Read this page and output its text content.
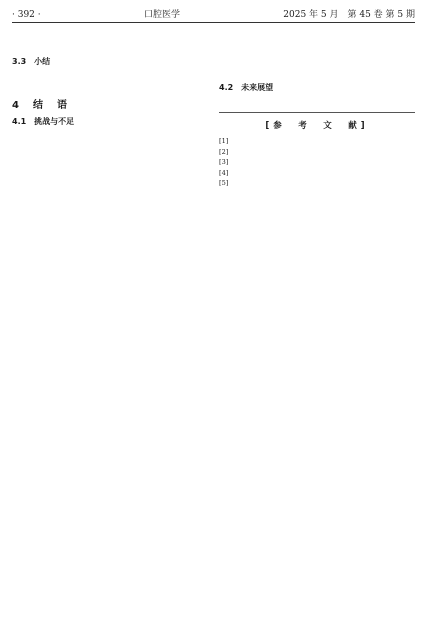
· 392 ·	口腔医学	2025 年 5 月　第 45 卷 第 5 期

3.3　小结

4　结　语
4.1　挑战与不足

4.2　未来展望

[参　考　文　献]
[1]
[2]
[3]
[4]
[5]
